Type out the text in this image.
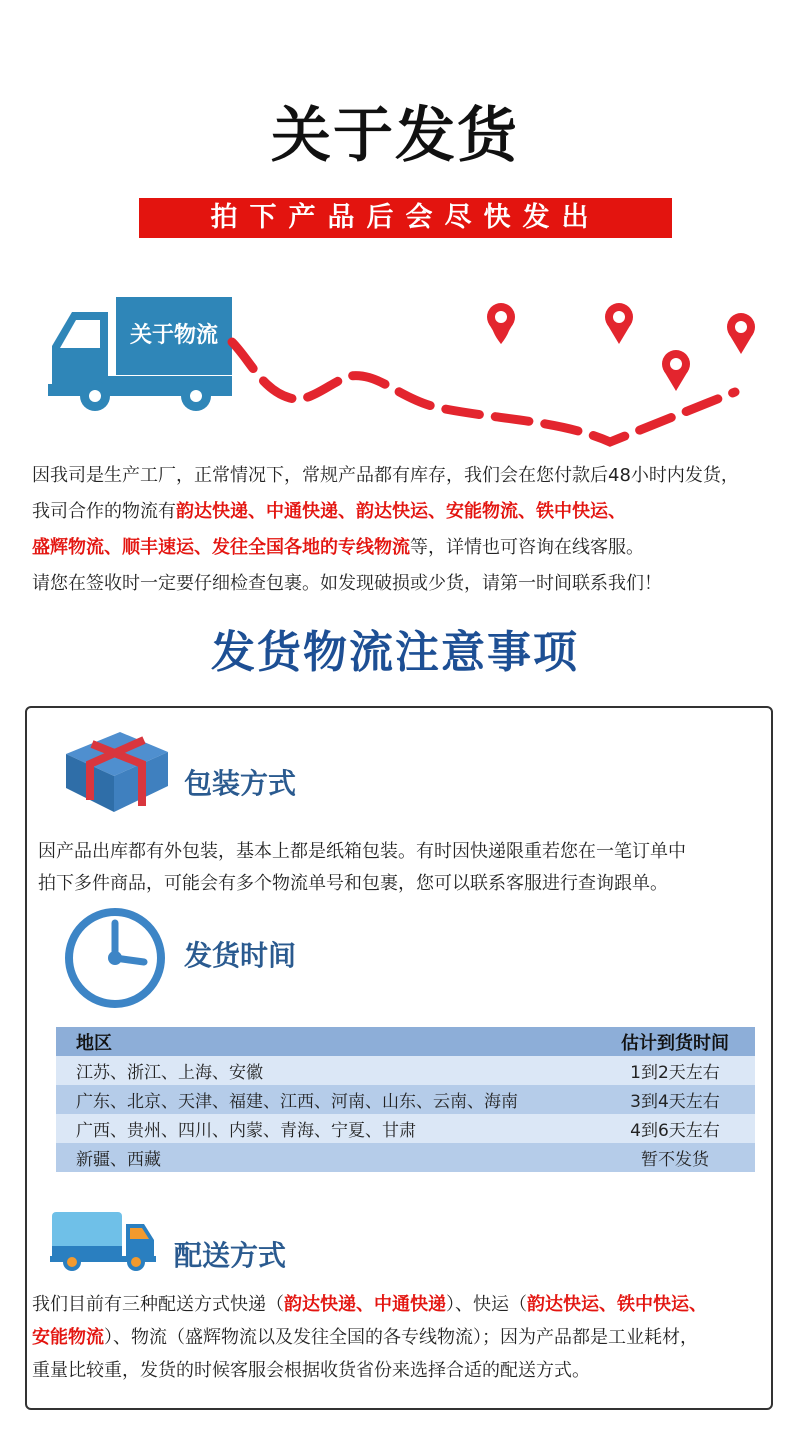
关于发货
拍下产品后会尽快发出
关于物流
因我司是生产工厂，正常情况下，常规产品都有库存，我们会在您付款后48小时内发货，
我司合作的物流有韵达快递、中通快递、韵达快运、安能物流、铁中快运、
盛辉物流、顺丰速运、发往全国各地的专线物流等，详情也可咨询在线客服。
请您在签收时一定要仔细检查包裹。如发现破损或少货，请第一时间联系我们！
发货物流注意事项
包装方式
因产品出库都有外包装，基本上都是纸箱包装。有时因快递限重若您在一笔订单中
拍下多件商品，可能会有多个物流单号和包裹，您可以联系客服进行查询跟单。
发货时间
地区	估计到货时间
江苏、浙江、上海、安徽	1到2天左右
广东、北京、天津、福建、江西、河南、山东、云南、海南	3到4天左右
广西、贵州、四川、内蒙、青海、宁夏、甘肃	4到6天左右
新疆、西藏	暂不发货
配送方式
我们目前有三种配送方式快递（韵达快递、中通快递）、快运（韵达快运、铁中快运、
安能物流）、物流（盛辉物流以及发往全国的各专线物流）；因为产品都是工业耗材，
重量比较重，发货的时候客服会根据收货省份来选择合适的配送方式。
